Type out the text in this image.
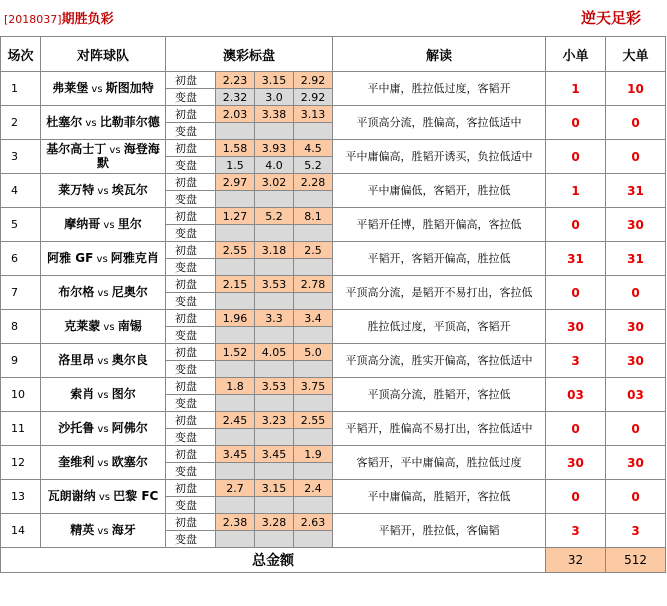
[2018037]期胜负彩	逆天足彩
场次	对阵球队	澳彩标盘				解读	小单	大单
1	弗莱堡 vs 斯图加特	初盘	2.23	3.15	2.92	平中庸，胜拉低过度，客韬开	1	10
		变盘	2.32	3.0	2.92			
2	杜塞尔 vs 比勒菲尔德	初盘	2.03	3.38	3.13	平顶高分流，胜偏高，客拉低适中	0	0
		变盘						
3	基尔高士丁 vs 海登海默	初盘	1.58	3.93	4.5	平中庸偏高，胜韬开诱买，负拉低适中	0	0
		变盘	1.5	4.0	5.2			
4	莱万特 vs 埃瓦尔	初盘	2.97	3.02	2.28	平中庸偏低，客韬开，胜拉低	1	31
		变盘						
5	摩纳哥 vs 里尔	初盘	1.27	5.2	8.1	平韬开任博，胜韬开偏高，客拉低	0	30
		变盘						
6	阿雅 GF vs 阿雅克肖	初盘	2.55	3.18	2.5	平韬开，客韬开偏高，胜拉低	31	31
		变盘						
7	布尔格 vs 尼奥尔	初盘	2.15	3.53	2.78	平顶高分流，是韬开不易打出，客拉低	0	0
		变盘						
8	克莱蒙 vs 南锡	初盘	1.96	3.3	3.4	胜拉低过度，平顶高，客韬开	30	30
		变盘						
9	洛里昂 vs 奥尔良	初盘	1.52	4.05	5.0	平顶高分流，胜实开偏高，客拉低适中	3	30
		变盘						
10	索肖 vs 图尔	初盘	1.8	3.53	3.75	平顶高分流，胜韬开，客拉低	03	03
		变盘						
11	沙托鲁 vs 阿佛尔	初盘	2.45	3.23	2.55	平韬开，胜偏高不易打出，客拉低适中	0	0
		变盘						
12	奎维利 vs 欧塞尔	初盘	3.45	3.45	1.9	客韬开，平中庸偏高，胜拉低过度	30	30
		变盘						
13	瓦朗谢纳 vs 巴黎 FC	初盘	2.7	3.15	2.4	平中庸偏高，胜韬开，客拉低	0	0
		变盘						
14	精英 vs 海牙	初盘	2.38	3.28	2.63	平韬开，胜拉低，客偏韬	3	3
		变盘						
总金额							32	512
